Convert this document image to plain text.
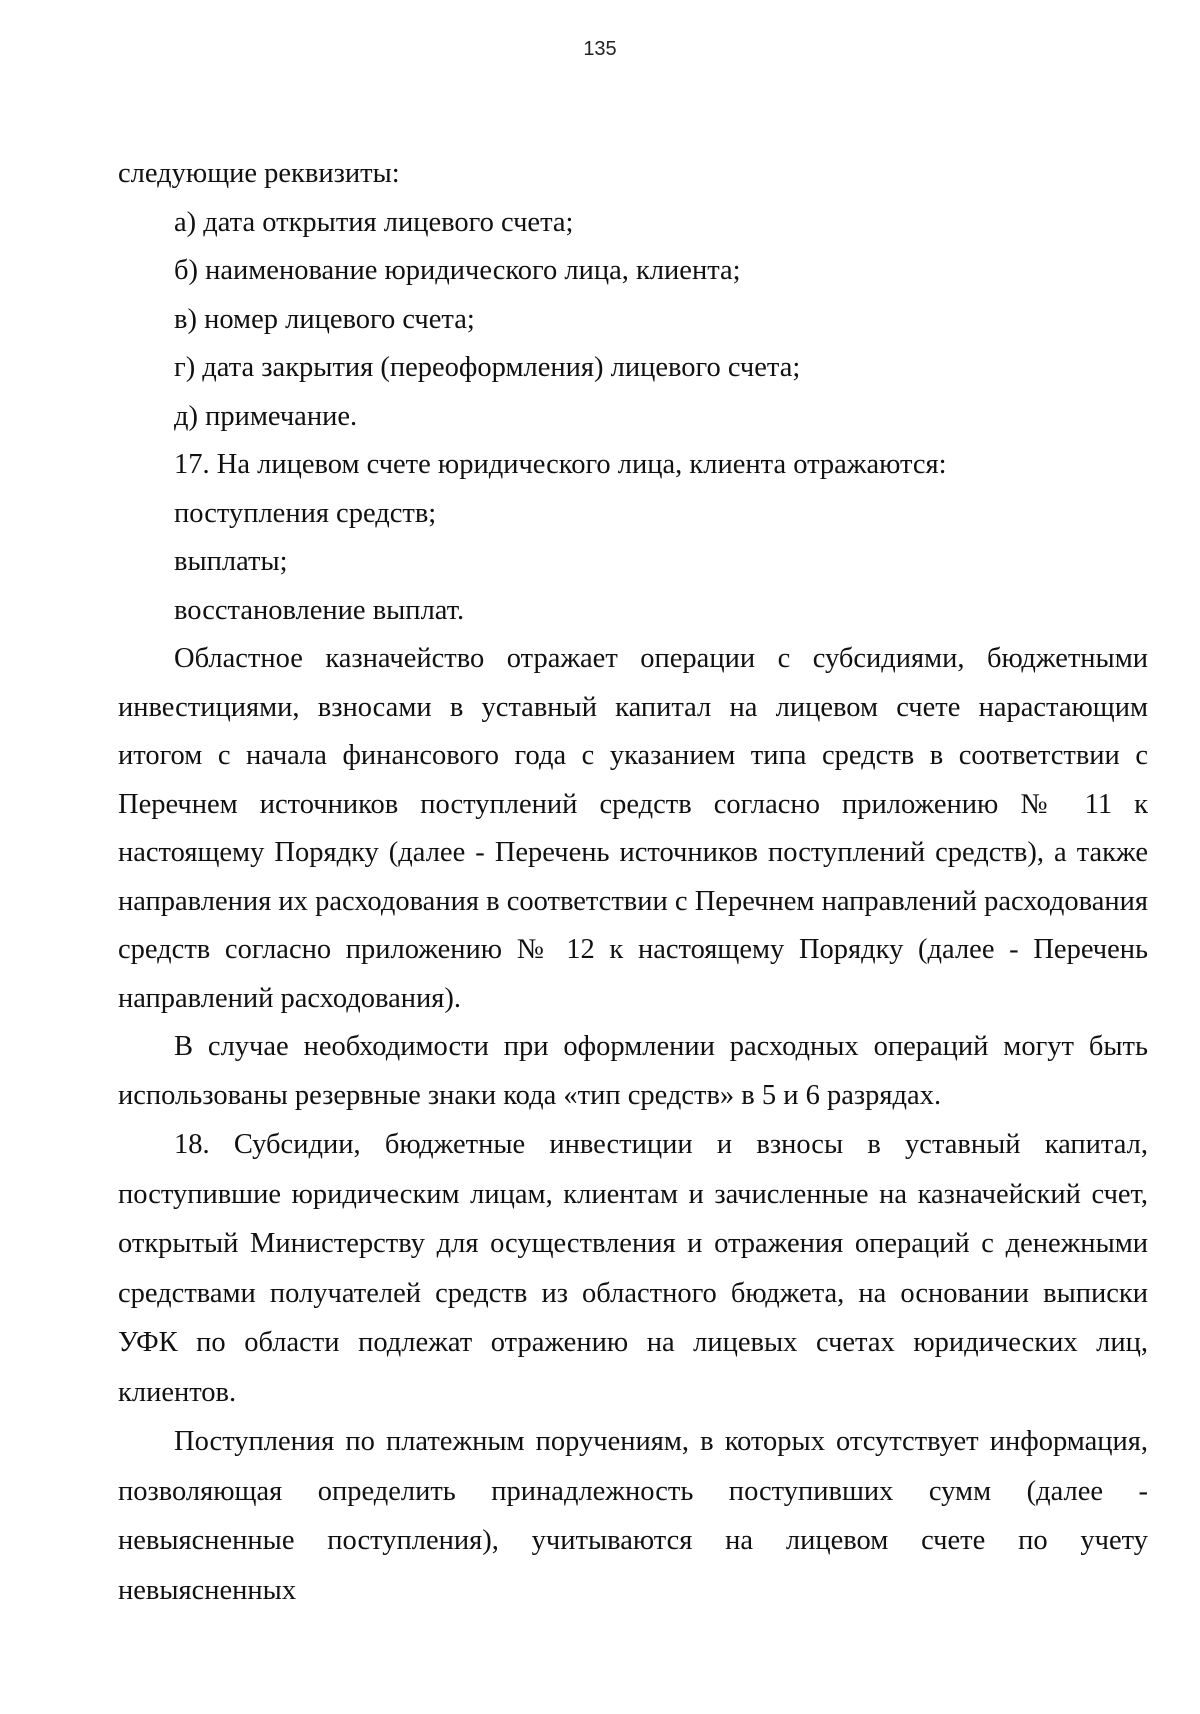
135

следующие реквизиты:

а) дата открытия лицевого счета;

б) наименование юридического лица, клиента;

в) номер лицевого счета;

г) дата закрытия (переоформления) лицевого счета;

д) примечание.

17. На лицевом счете юридического лица, клиента отражаются:

поступления средств;

выплаты;

восстановление выплат.

Областное казначейство отражает операции с субсидиями, бюджетными инвестициями, взносами в уставный капитал на лицевом счете нарастающим итогом с начала финансового года с указанием типа средств в соответствии с Перечнем источников поступлений средств согласно приложению № 11 к настоящему Порядку (далее - Перечень источников поступлений средств), а также направления их расходования в соответствии с Перечнем направлений расходования средств согласно приложению № 12 к настоящему Порядку (далее - Перечень направлений расходования).

В случае необходимости при оформлении расходных операций могут быть использованы резервные знаки кода «тип средств» в 5 и 6 разрядах.

18. Субсидии, бюджетные инвестиции и взносы в уставный капитал, поступившие юридическим лицам, клиентам и зачисленные на казначейский счет, открытый Министерству для осуществления и отражения операций с денежными средствами получателей средств из областного бюджета, на основании выписки УФК по области подлежат отражению на лицевых счетах юридических лиц, клиентов.

Поступления по платежным поручениям, в которых отсутствует информация, позволяющая определить принадлежность поступивших сумм (далее - невыясненные поступления), учитываются на лицевом счете по учету невыясненных
